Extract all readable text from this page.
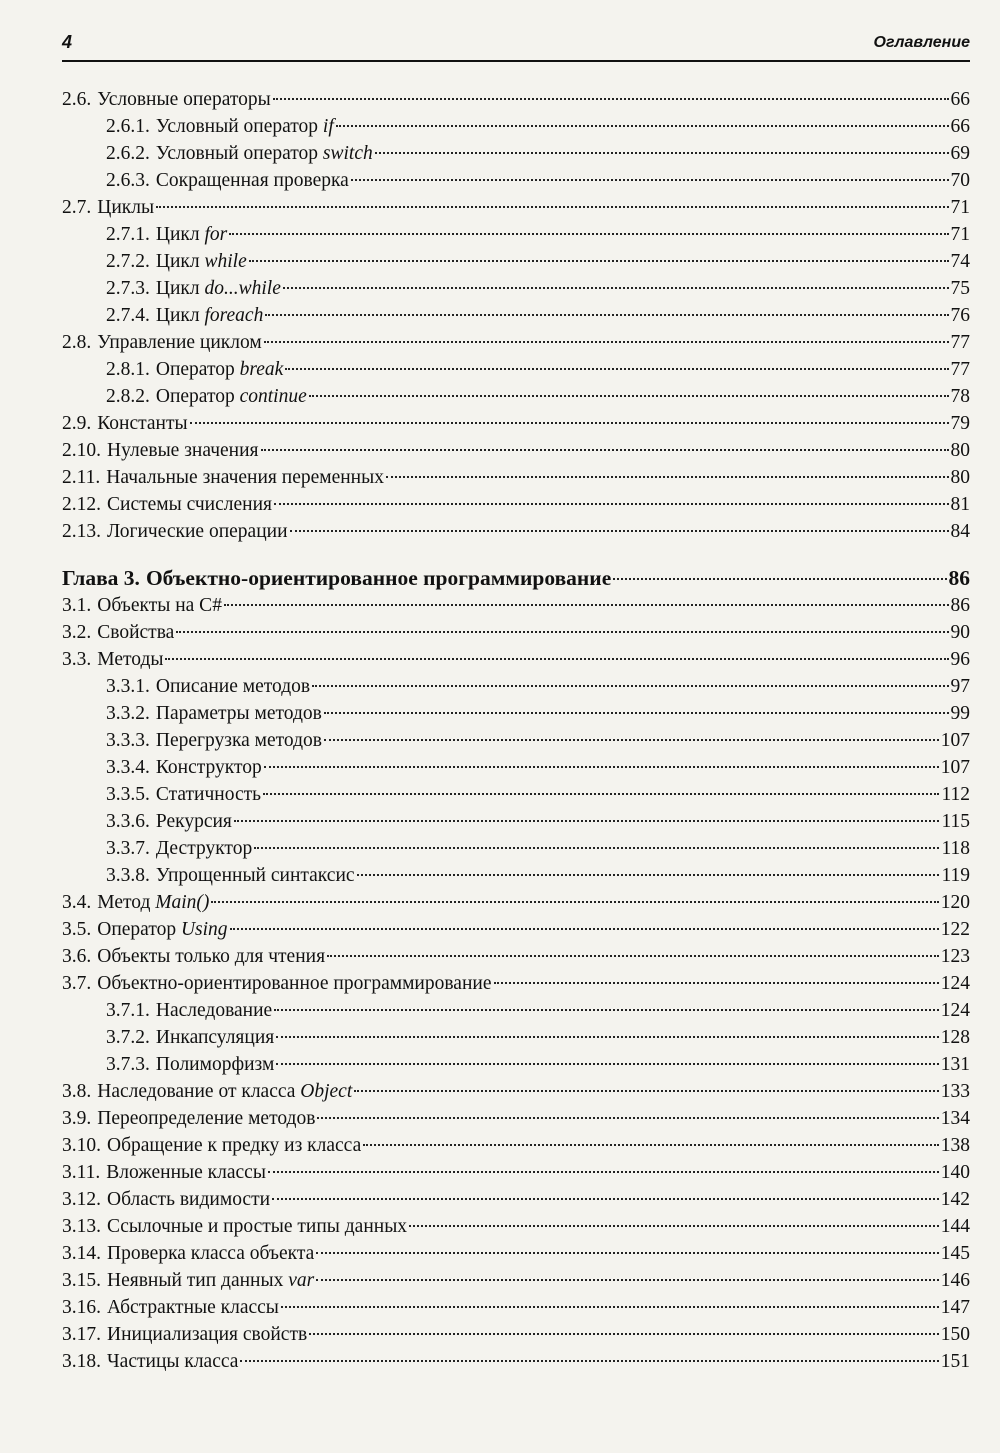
4	Оглавление
2.6. Условные операторы	66
2.6.1. Условный оператор if	66
2.6.2. Условный оператор switch	69
2.6.3. Сокращенная проверка	70
2.7. Циклы	71
2.7.1. Цикл for	71
2.7.2. Цикл while	74
2.7.3. Цикл do...while	75
2.7.4. Цикл foreach	76
2.8. Управление циклом	77
2.8.1. Оператор break	77
2.8.2. Оператор continue	78
2.9. Константы	79
2.10. Нулевые значения	80
2.11. Начальные значения переменных	80
2.12. Системы счисления	81
2.13. Логические операции	84
Глава 3. Объектно-ориентированное программирование	86
3.1. Объекты на C#	86
3.2. Свойства	90
3.3. Методы	96
3.3.1. Описание методов	97
3.3.2. Параметры методов	99
3.3.3. Перегрузка методов	107
3.3.4. Конструктор	107
3.3.5. Статичность	112
3.3.6. Рекурсия	115
3.3.7. Деструктор	118
3.3.8. Упрощенный синтаксис	119
3.4. Метод Main()	120
3.5. Оператор Using	122
3.6. Объекты только для чтения	123
3.7. Объектно-ориентированное программирование	124
3.7.1. Наследование	124
3.7.2. Инкапсуляция	128
3.7.3. Полиморфизм	131
3.8. Наследование от класса Object	133
3.9. Переопределение методов	134
3.10. Обращение к предку из класса	138
3.11. Вложенные классы	140
3.12. Область видимости	142
3.13. Ссылочные и простые типы данных	144
3.14. Проверка класса объекта	145
3.15. Неявный тип данных var	146
3.16. Абстрактные классы	147
3.17. Инициализация свойств	150
3.18. Частицы класса	151
